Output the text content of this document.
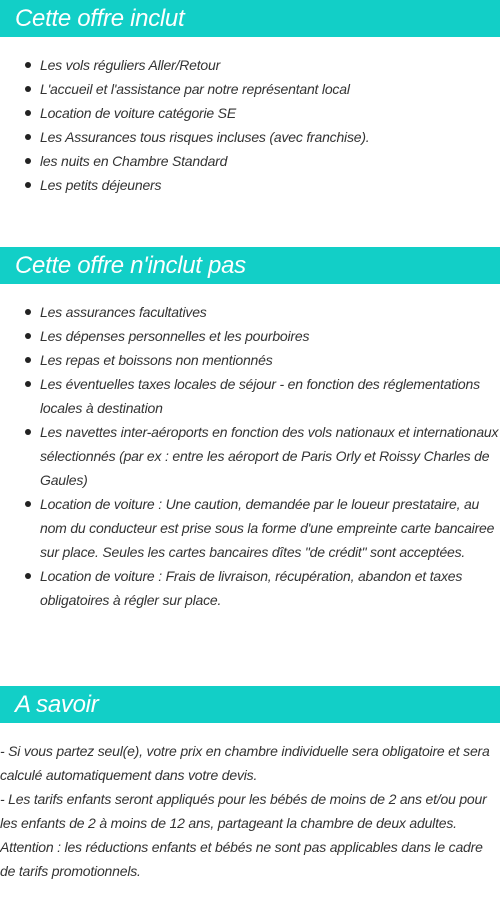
Cette offre inclut
Les vols réguliers Aller/Retour
L'accueil et l'assistance par notre représentant local
Location de voiture catégorie SE
Les Assurances tous risques incluses (avec franchise).
les nuits en Chambre Standard
Les petits déjeuners
Cette offre n'inclut pas
Les assurances facultatives
Les dépenses personnelles et les pourboires
Les repas et boissons non mentionnés
Les éventuelles taxes locales de séjour - en fonction des réglementations locales à destination
Les navettes inter-aéroports en fonction des vols nationaux et internationaux sélectionnés (par ex : entre les aéroport de Paris Orly et Roissy Charles de Gaules)
Location de voiture : Une caution, demandée par le loueur prestataire, au nom du conducteur est prise sous la forme d'une empreinte carte bancairee sur place. Seules les cartes bancaires dîtes "de crédit" sont acceptées.
Location de voiture : Frais de livraison, récupération, abandon et taxes obligatoires à régler sur place.
A savoir

- Si vous partez seul(e), votre prix en chambre individuelle sera obligatoire et sera calculé automatiquement dans votre devis.

- Les tarifs enfants seront appliqués pour les bébés de moins de 2 ans et/ou pour les enfants de 2 à moins de 12 ans, partageant la chambre de deux adultes.

Attention : les réductions enfants et bébés ne sont pas applicables dans le cadre de tarifs promotionnels.
